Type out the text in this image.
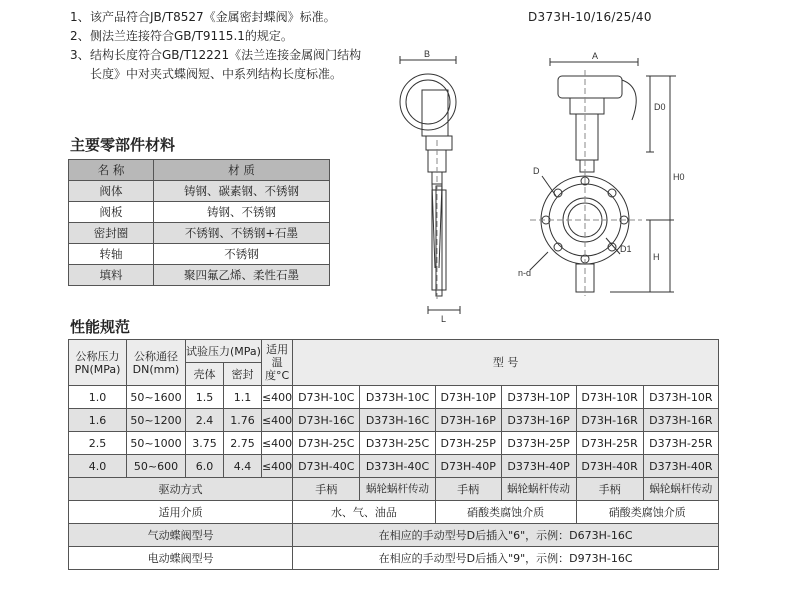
1、 该产品符合JB/T8527《金属密封蝶阀》标准。
2、 侧法兰连接符合GB/T9115.1的规定。
3、 结构长度符合GB/T12221《法兰连接金属阀门结构长度》中对夹式蝶阀短、中系列结构长度标准。
D373H-10/16/25/40
主要零部件材料
名 称	材 质
阀体	铸钢、碳素钢、不锈钢
阀板	铸钢、不锈钢
密封圈	不锈钢、不锈钢+石墨
转轴	不锈钢
填料	聚四氟乙烯、柔性石墨
性能规范
公称压力PN(MPa)	公称通径DN(mm)	试验压力(MPa)		适用温度°C	型 号					
		壳体	密封							
1.0	50~1600	1.5	1.1	≤400	D73H-10C	D373H-10C	D73H-10P	D373H-10P	D73H-10R	D373H-10R
1.6	50~1200	2.4	1.76	≤400	D73H-16C	D373H-16C	D73H-16P	D373H-16P	D73H-16R	D373H-16R
2.5	50~1000	3.75	2.75	≤400	D73H-25C	D373H-25C	D73H-25P	D373H-25P	D73H-25R	D373H-25R
4.0	50~600	6.0	4.4	≤400	D73H-40C	D373H-40C	D73H-40P	D373H-40P	D73H-40R	D373H-40R
驱动方式					手柄	蜗轮蜗杆传动	手柄	蜗轮蜗杆传动	手柄	蜗轮蜗杆传动
适用介质					水、气、油品		硝酸类腐蚀介质		硝酸类腐蚀介质	
气动蝶阀型号					在相应的手动型号D后插入"6"，示例：D673H-16C					
电动蝶阀型号					在相应的手动型号D后插入"9"，示例：D973H-16C					
B	A
D0
H0
H
D
D1
n-d
L
